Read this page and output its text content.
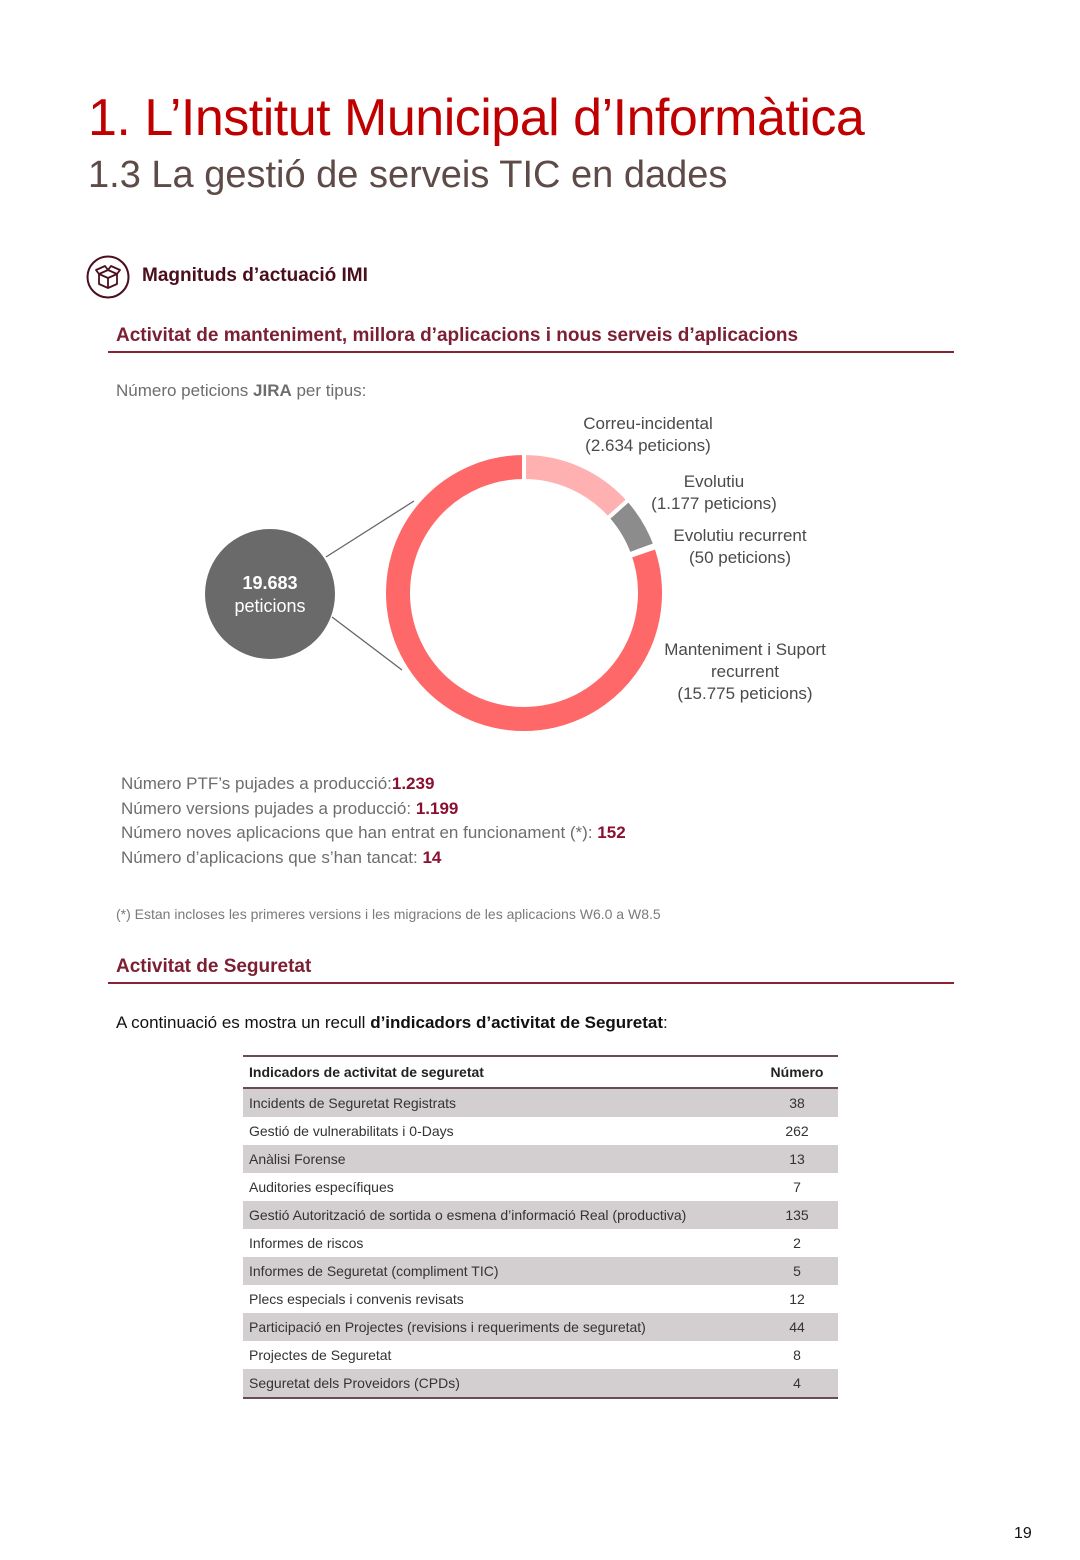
1. L’Institut Municipal d’Informàtica
1.3 La gestió de serveis TIC en dades
Magnituds d’actuació IMI
Activitat de manteniment, millora d’aplicacions i nous serveis d’aplicacions
Número peticions JIRA per tipus:
19.683
peticions
Correu-incidental
(2.634 peticions)
Evolutiu
(1.177 peticions)
Evolutiu recurrent
(50 peticions)
Manteniment i Suport
recurrent
(15.775 peticions)
Número PTF’s pujades a producció:1.239
Número versions pujades a producció: 1.199
Número noves aplicacions que han entrat en funcionament (*): 152
Número d’aplicacions que s’han tancat: 14
(*) Estan incloses les primeres versions i les migracions de les aplicacions W6.0 a W8.5
Activitat de Seguretat
A continuació es mostra un recull d’indicadors d’activitat de Seguretat:
Indicadors de activitat de seguretat	Número
Incidents de Seguretat Registrats	38
Gestió de vulnerabilitats i 0-Days	262
Anàlisi Forense	13
Auditories específiques	7
Gestió Autorització de sortida o esmena d’informació Real (productiva)	135
Informes de riscos	2
Informes de Seguretat (compliment TIC)	5
Plecs especials i convenis revisats	12
Participació en Projectes (revisions i requeriments de seguretat)	44
Projectes de Seguretat	8
Seguretat dels Proveidors (CPDs)	4
19
